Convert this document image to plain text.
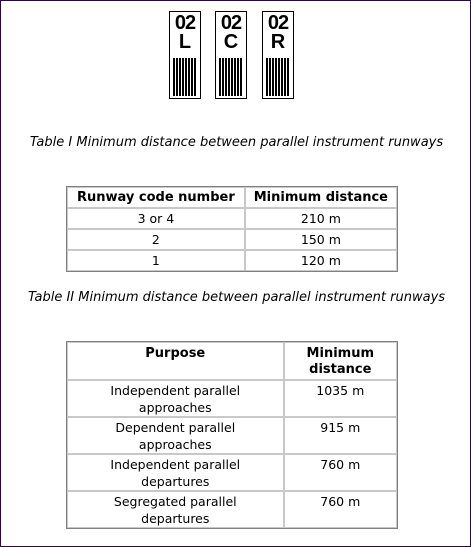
02
L
02
C
02
R
Table I Minimum distance between parallel instrument runways
Runway code number	Minimum distance
3 or 4	210 m
2	150 m
1	120 m
Table II Minimum distance between parallel instrument runways
Purpose	Minimum distance
Independent parallel approaches	1035 m
Dependent parallel approaches	915 m
Independent parallel departures	760 m
Segregated parallel departures	760 m
